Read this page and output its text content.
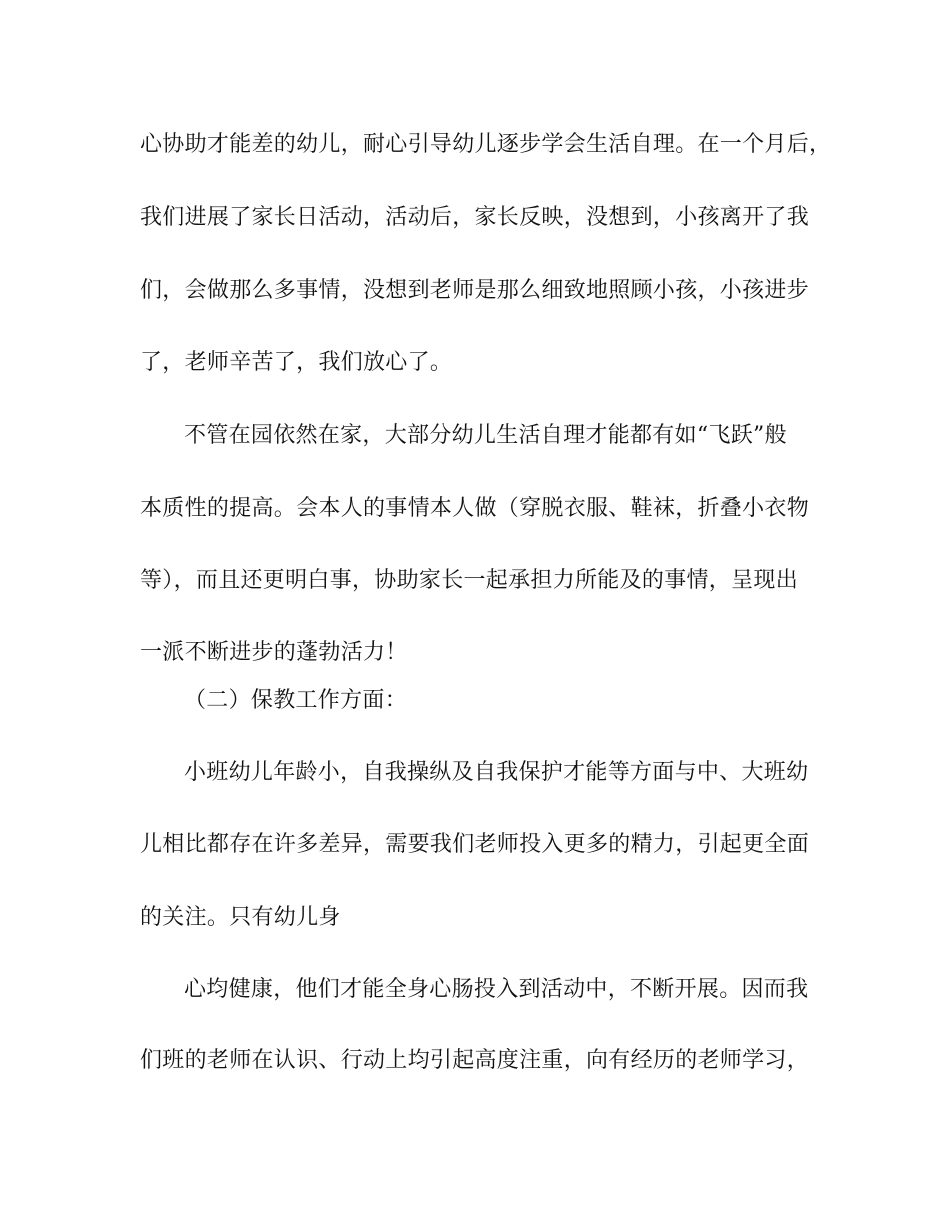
心协助才能差的幼儿，耐心引导幼儿逐步学会生活自理。在一个月后，
我们进展了家长日活动，活动后，家长反映，没想到，小孩离开了我
们，会做那么多事情，没想到老师是那么细致地照顾小孩，小孩进步
了，老师辛苦了，我们放心了。
不管在园依然在家，大部分幼儿生活自理才能都有如“飞跃”般
本质性的提高。会本人的事情本人做（穿脱衣服、鞋袜，折叠小衣物
等），而且还更明白事，协助家长一起承担力所能及的事情，呈现出
一派不断进步的蓬勃活力！
（二）保教工作方面：
小班幼儿年龄小，自我操纵及自我保护才能等方面与中、大班幼
儿相比都存在许多差异，需要我们老师投入更多的精力，引起更全面
的关注。只有幼儿身
心均健康，他们才能全身心肠投入到活动中，不断开展。因而我
们班的老师在认识、行动上均引起高度注重，向有经历的老师学习，
